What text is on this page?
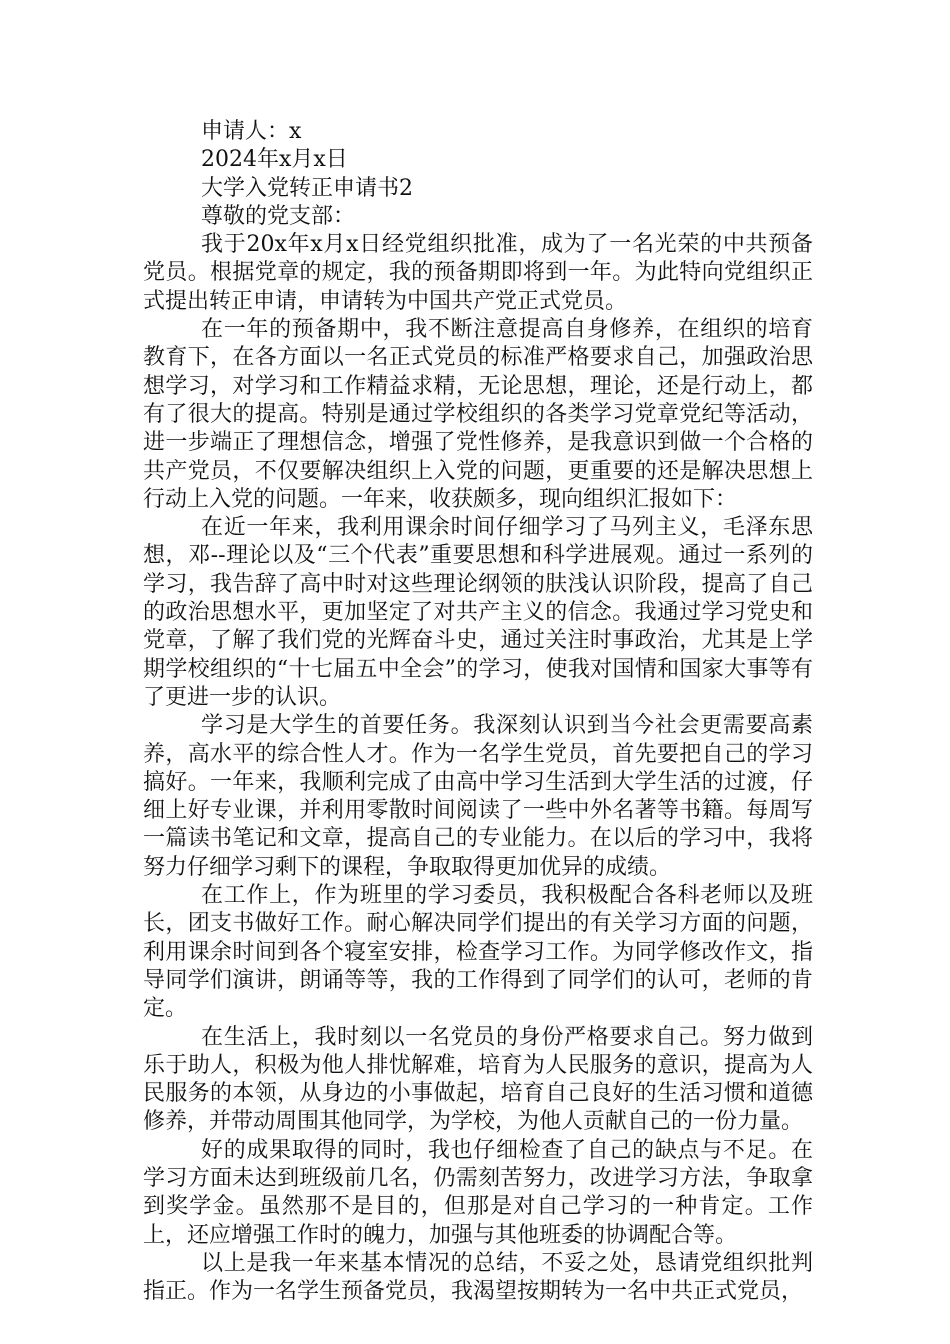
申请人：x
2024年x月x日
大学入党转正申请书2
尊敬的党支部：

我于20x年x月x日经党组织批准，成为了一名光荣的中共预备党员。根据党章的规定，我的预备期即将到一年。为此特向党组织正式提出转正申请，申请转为中国共产党正式党员。

在一年的预备期中，我不断注意提高自身修养，在组织的培育教育下，在各方面以一名正式党员的标准严格要求自己，加强政治思想学习，对学习和工作精益求精，无论思想，理论，还是行动上，都有了很大的提高。特别是通过学校组织的各类学习党章党纪等活动，进一步端正了理想信念，增强了党性修养，是我意识到做一个合格的共产党员，不仅要解决组织上入党的问题，更重要的还是解决思想上行动上入党的问题。一年来，收获颇多，现向组织汇报如下：

在近一年来，我利用课余时间仔细学习了马列主义，毛泽东思想，邓--理论以及“三个代表”重要思想和科学进展观。通过一系列的学习，我告辞了高中时对这些理论纲领的肤浅认识阶段，提高了自己的政治思想水平，更加坚定了对共产主义的信念。我通过学习党史和党章，了解了我们党的光辉奋斗史，通过关注时事政治，尤其是上学期学校组织的“十七届五中全会”的学习，使我对国情和国家大事等有了更进一步的认识。

学习是大学生的首要任务。我深刻认识到当今社会更需要高素养，高水平的综合性人才。作为一名学生党员，首先要把自己的学习搞好。一年来，我顺利完成了由高中学习生活到大学生活的过渡，仔细上好专业课，并利用零散时间阅读了一些中外名著等书籍。每周写一篇读书笔记和文章，提高自己的专业能力。在以后的学习中，我将努力仔细学习剩下的课程，争取取得更加优异的成绩。

在工作上，作为班里的学习委员，我积极配合各科老师以及班长，团支书做好工作。耐心解决同学们提出的有关学习方面的问题，利用课余时间到各个寝室安排，检查学习工作。为同学修改作文，指导同学们演讲，朗诵等等，我的工作得到了同学们的认可，老师的肯定。

在生活上，我时刻以一名党员的身份严格要求自己。努力做到乐于助人，积极为他人排忧解难，培育为人民服务的意识，提高为人民服务的本领，从身边的小事做起，培育自己良好的生活习惯和道德修养，并带动周围其他同学，为学校，为他人贡献自己的一份力量。

好的成果取得的同时，我也仔细检查了自己的缺点与不足。在学习方面未达到班级前几名，仍需刻苦努力，改进学习方法，争取拿到奖学金。虽然那不是目的，但那是对自己学习的一种肯定。工作上，还应增强工作时的魄力，加强与其他班委的协调配合等。

以上是我一年来基本情况的总结，不妥之处，恳请党组织批判指正。作为一名学生预备党员，我渴望按期转为一名中共正式党员，
